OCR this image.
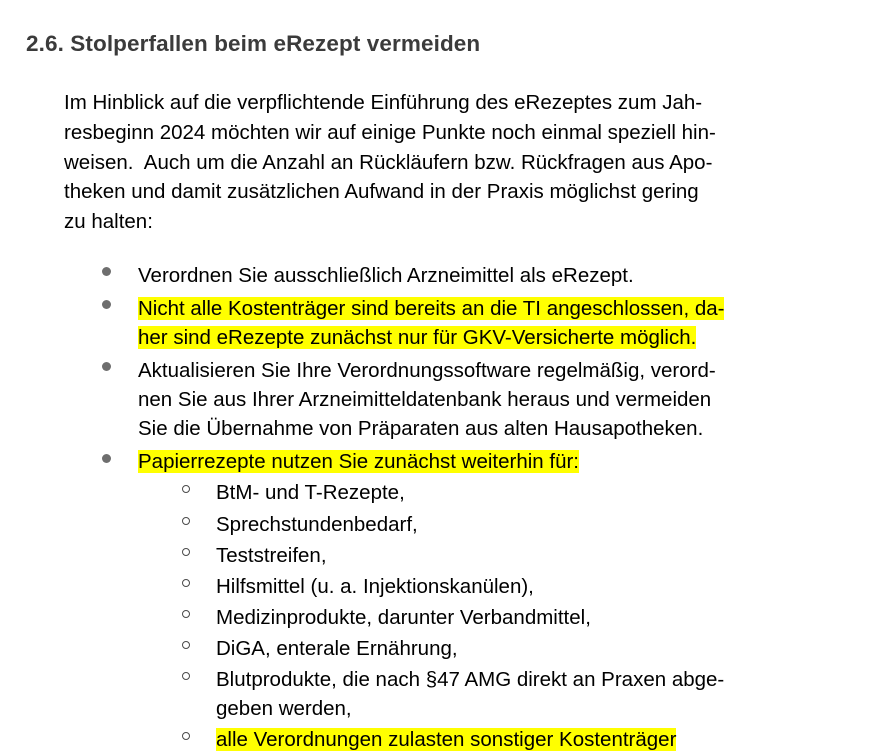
2.6. Stolperfallen beim eRezept vermeiden

Im Hinblick auf die verpflichtende Einführung des eRezeptes zum Jah-
resbeginn 2024 möchten wir auf einige Punkte noch einmal speziell hin-
weisen.  Auch um die Anzahl an Rückläufern bzw. Rückfragen aus Apo-
theken und damit zusätzlichen Aufwand in der Praxis möglichst gering
zu halten:

Verordnen Sie ausschließlich Arzneimittel als eRezept.
Nicht alle Kostenträger sind bereits an die TI angeschlossen, da-
her sind eRezepte zunächst nur für GKV-Versicherte möglich.
Aktualisieren Sie Ihre Verordnungssoftware regelmäßig, verord-
nen Sie aus Ihrer Arzneimitteldatenbank heraus und vermeiden
Sie die Übernahme von Präparaten aus alten Hausapotheken.
Papierrezepte nutzen Sie zunächst weiterhin für:
BtM- und T-Rezepte,
Sprechstundenbedarf,
Teststreifen,
Hilfsmittel (u. a. Injektionskanülen),
Medizinprodukte, darunter Verbandmittel,
DiGA, enterale Ernährung,
Blutprodukte, die nach §47 AMG direkt an Praxen abge-
geben werden,
alle Verordnungen zulasten sonstiger Kostenträger
